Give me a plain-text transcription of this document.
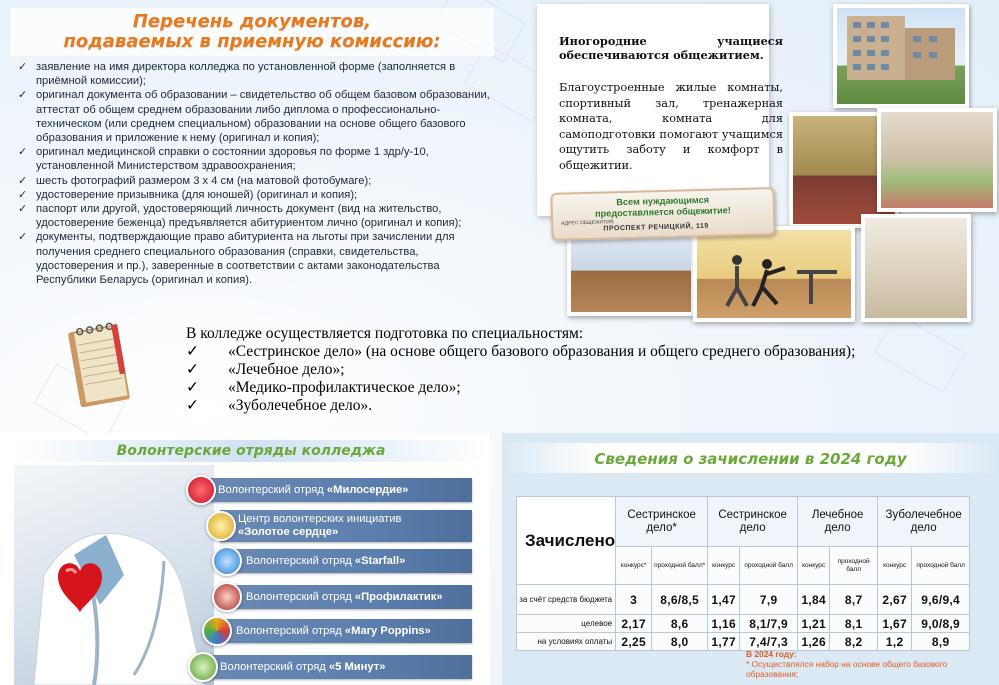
Перечень документов,
подаваемых в приемную комиссию:
✓ заявление на имя директора колледжа по установленной форме (заполняется в приёмной комиссии);
✓ оригинал документа об образовании – свидетельство об общем базовом образовании, аттестат об общем среднем образовании либо диплома о профессионально-техническом (или среднем специальном) образовании на основе общего базового образования и приложение к нему (оригинал и копия);
✓ оригинал медицинской справки о состоянии здоровья по форме 1 здр/у-10, установленной Министерством здравоохранения;
✓ шесть фотографий размером 3 х 4 см (на матовой фотобумаге);
✓ удостоверение призывника (для юношей) (оригинал и копия);
✓ паспорт или другой, удостоверяющий личность документ (вид на жительство, удостоверение беженца) предъявляется абитуриентом лично (оригинал и копия);
✓ документы, подтверждающие право абитуриента на льготы при зачислении для получения среднего специального образования (справки, свидетельства, удостоверения и пр.), заверенные в соответствии с актами законодательства Республики Беларусь (оригинал и копия).
Иногородние учащиеся
обеспечиваются общежитием.
Благоустроенные жилые комнаты, спортивный зал, тренажерная комната, комната для самоподготовки помогают учащимся ощутить заботу и комфорт в общежитии.
Всем нуждающимся
предоставляется общежитие!
АДРЕС ОБЩЕЖИТИЯ:
ПРОСПЕКТ РЕЧИЦКИЙ, 119
В колледже осуществляется подготовка по специальностям:
✓ «Сестринское дело» (на основе общего базового образования и общего среднего образования);
✓ «Лечебное дело»;
✓ «Медико-профилактическое дело»;
✓ «Зуболечебное дело».
Волонтерские отряды колледжа
Волонтерский отряд «Милосердие»
Центр волонтерских инициатив
«Золотое сердце»
Волонтерский отряд «Starfall»
Волонтерский отряд «Профилактик»
Волонтерский отряд «Mary Poppins»
Волонтерский отряд «5 Минут»
Сведения о зачислении в 2024 году
Зачислено	Сестринское дело*		Сестринское дело		Лечебное дело		Зуболечебное дело	
	конкурс*	проходной балл*	конкурс	проходной балл	конкурс	проходной балл	конкурс	проходной балл
за счёт средств бюджета	3	8,6/8,5	1,47	7,9	1,84	8,7	2,67	9,6/9,4
целевое	2,17	8,6	1,16	8,1/7,9	1,21	8,1	1,67	9,0/8,9
на условиях оплаты	2,25	8,0	1,77	7,4/7,3	1,26	8,2	1,2	8,9
В 2024 году:
* Осуществлялся набор на основе общего базового образования;
